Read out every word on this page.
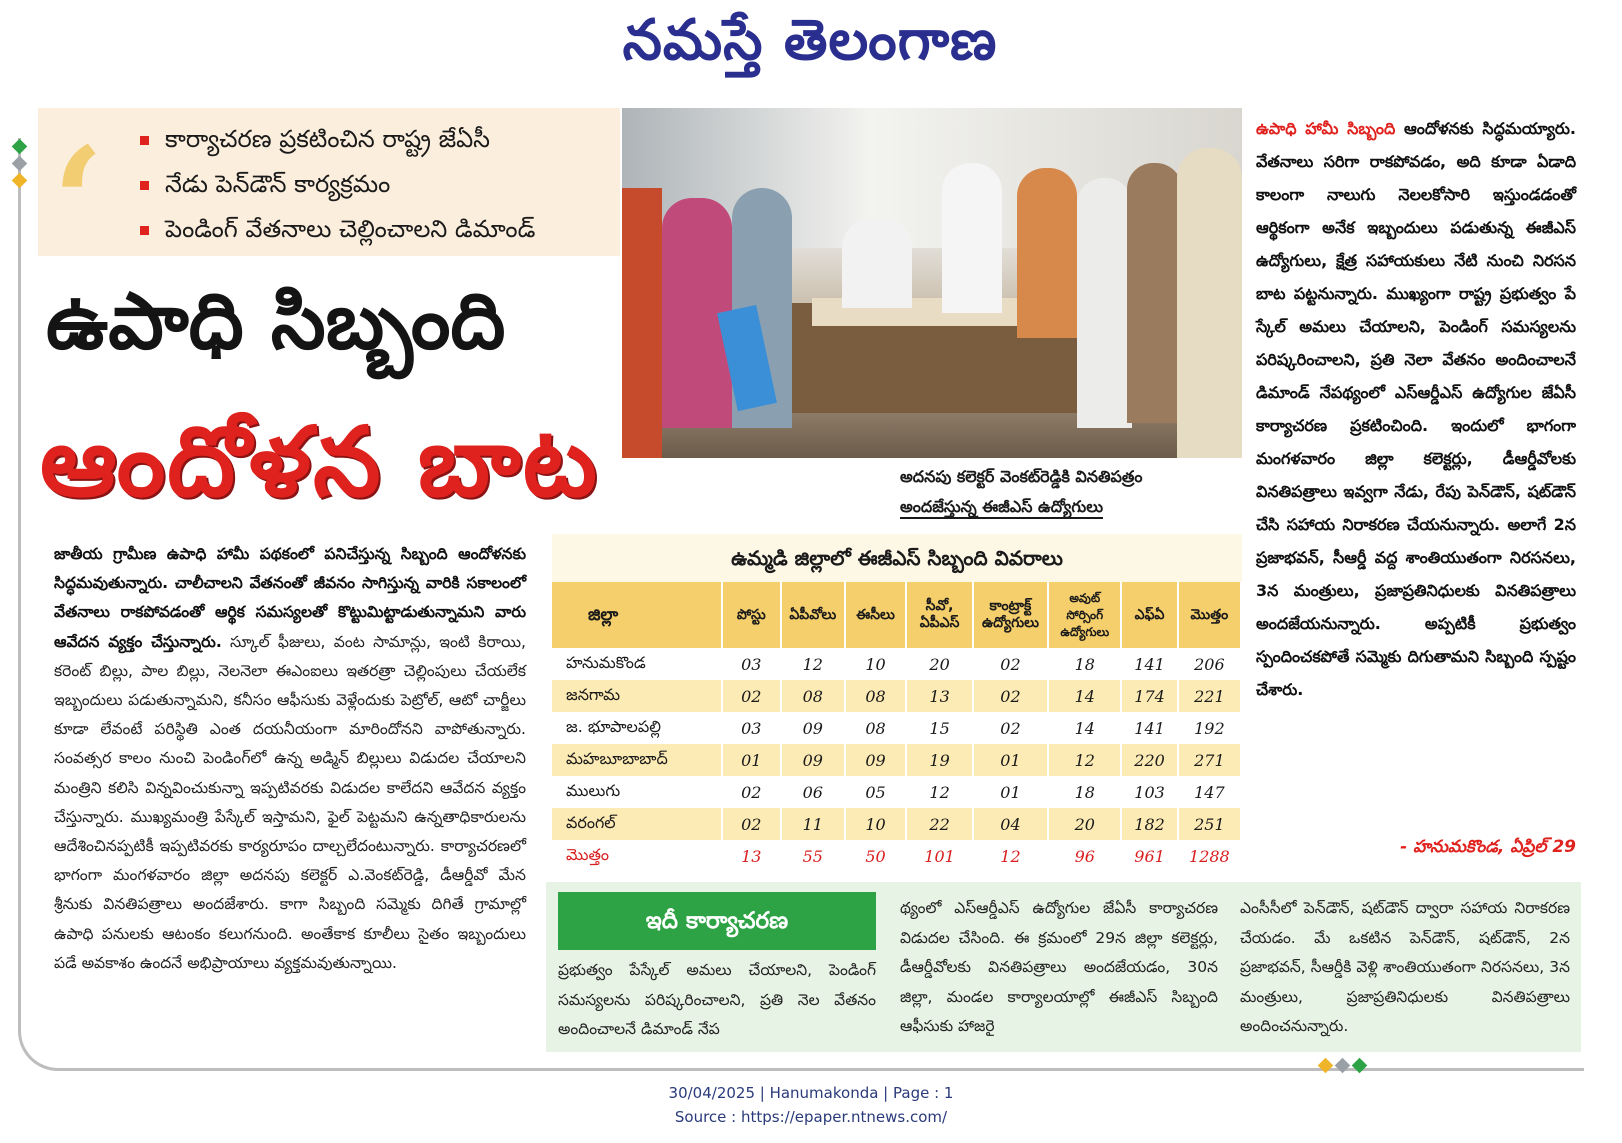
నమస్తే తెలంగాణ
‘	కార్యాచరణ ప్రకటించిన రాష్ట్ర జేఏసీ
నేడు పెన్‌డౌన్ కార్యక్రమం
పెండింగ్ వేతనాలు చెల్లించాలని డిమాండ్
ఉపాధి సిబ్బంది
ఆందోళన బాట	అదనపు కలెక్టర్ వెంకట్‌రెడ్డికి వినతిపత్రం
అందజేస్తున్న ఈజీఎస్ ఉద్యోగులు
జాతీయ గ్రామీణ ఉపాధి హామీ పథకంలో పనిచేస్తున్న సిబ్బంది ఆందోళనకు సిద్ధమవుతున్నారు. చాలీచాలని వేతనంతో జీవనం సాగిస్తున్న వారికి సకాలంలో వేతనాలు రాకపోవడంతో ఆర్థిక సమస్యలతో కొట్టుమిట్టాడుతున్నామని వారు ఆవేదన వ్యక్తం చేస్తున్నారు. స్కూల్ ఫీజులు, వంట సామాన్లు, ఇంటి కిరాయి, కరెంట్ బిల్లు, పాల బిల్లు, నెలనెలా ఈఎంఐలు ఇతరత్రా చెల్లింపులు చేయలేక ఇబ్బందులు పడుతున్నామని, కనీసం ఆఫీసుకు వెళ్లేందుకు పెట్రోల్, ఆటో చార్జీలు కూడా లేవంటే పరిస్థితి ఎంత దయనీయంగా మారిందోనని వాపోతున్నారు. సంవత్సర కాలం నుంచి పెండింగ్‌లో ఉన్న అడ్మిన్ బిల్లులు విడుదల చేయాలని మంత్రిని కలిసి విన్నవించుకున్నా ఇప్పటివరకు విడుదల కాలేదని ఆవేదన వ్యక్తం చేస్తున్నారు. ముఖ్యమంత్రి పేస్కేల్ ఇస్తామని, ఫైల్ పెట్టమని ఉన్నతాధికారులను ఆదేశించినప్పటికీ ఇప్పటివరకు కార్యరూపం దాల్చలేదంటున్నారు. కార్యాచరణలో భాగంగా మంగళవారం జిల్లా అదనపు కలెక్టర్ ఎ.వెంకట్‌రెడ్డి, డీఆర్డీవో మేన శ్రీనుకు వినతిపత్రాలు అందజేశారు. కాగా సిబ్బంది సమ్మెకు దిగితే గ్రామాల్లో ఉపాధి పనులకు ఆటంకం కలుగనుంది. అంతేకాక కూలీలు సైతం ఇబ్బందులు పడే అవకాశం ఉందనే అభిప్రాయాలు వ్యక్తమవుతున్నాయి.
ఉమ్మడి జిల్లాలో ఈజీఎస్ సిబ్బంది వివరాలు
జిల్లా	పోస్టు	ఏపీవోలు	ఈసీలు	సీవో, ఏపీఎస్	కాంట్రాక్ట్ ఉద్యోగులు	అవుట్ సోర్సింగ్ ఉద్యోగులు	ఎఫ్ఏ	మొత్తం
హనుమకొండ	03	12	10	20	02	18	141	206
జనగామ	02	08	08	13	02	14	174	221
జ. భూపాలపల్లి	03	09	08	15	02	14	141	192
మహబూబాబాద్	01	09	09	19	01	12	220	271
ములుగు	02	06	05	12	01	18	103	147
వరంగల్	02	11	10	22	04	20	182	251
మొత్తం	13	55	50	101	12	96	961	1288
ఉపాధి హామీ సిబ్బంది ఆందోళనకు సిద్ధమయ్యారు. వేతనాలు సరిగా రాకపోవడం, అది కూడా ఏడాది కాలంగా నాలుగు నెలలకోసారి ఇస్తుండడంతో ఆర్థికంగా అనేక ఇబ్బందులు పడుతున్న ఈజీఎస్ ఉద్యోగులు, క్షేత్ర సహాయకులు నేటి నుంచి నిరసన బాట పట్టనున్నారు. ముఖ్యంగా రాష్ట్ర ప్రభుత్వం పే స్కేల్ అమలు చేయాలని, పెండింగ్ సమస్యలను పరిష్కరించాలని, ప్రతి నెలా వేతనం అందించాలనే డిమాండ్ నేపథ్యంలో ఎస్ఆర్డీఎస్ ఉద్యోగుల జేఏసీ కార్యాచరణ ప్రకటించింది. ఇందులో భాగంగా మంగళవారం జిల్లా కలెక్టర్లు, డీఆర్డీవోలకు వినతిపత్రాలు ఇవ్వగా నేడు, రేపు పెన్‌డౌన్, షట్‌డౌన్ చేసి సహాయ నిరాకరణ చేయనున్నారు. అలాగే 2న ప్రజాభవన్, సీఆర్డీ వద్ద శాంతియుతంగా నిరసనలు, 3న మంత్రులు, ప్రజాప్రతినిధులకు వినతిపత్రాలు అందజేయనున్నారు. అప్పటికీ ప్రభుత్వం స్పందించకపోతే సమ్మెకు దిగుతామని సిబ్బంది స్పష్టం చేశారు.
- హనుమకొండ, ఏప్రిల్ 29
ఇదీ కార్యాచరణ
ప్రభుత్వం పేస్కేల్ అమలు చేయాలని, పెండింగ్ సమస్యలను పరిష్కరించాలని, ప్రతి నెల వేతనం అందించాలనే డిమాండ్ నేప
థ్యంలో ఎస్ఆర్డీఎస్ ఉద్యోగుల జేఏసీ కార్యాచరణ విడుదల చేసింది. ఈ క్రమంలో 29న జిల్లా కలెక్టర్లు, డీఆర్డీవోలకు వినతిపత్రాలు అందజేయడం, 30న జిల్లా, మండల కార్యాలయాల్లో ఈజీఎస్ సిబ్బంది ఆఫీసుకు హాజరై
ఎంసీసీలో పెన్‌డౌన్, షట్‌డౌన్ ద్వారా సహాయ నిరాకరణ చేయడం. మే ఒకటిన పెన్‌డౌన్, షట్‌డౌన్, 2న ప్రజాభవన్, సీఆర్డీకి వెళ్లి శాంతియుతంగా నిరసనలు, 3న మంత్రులు, ప్రజాప్రతినిధులకు వినతిపత్రాలు అందించనున్నారు.
30/04/2025 | Hanumakonda | Page : 1
Source : https://epaper.ntnews.com/
